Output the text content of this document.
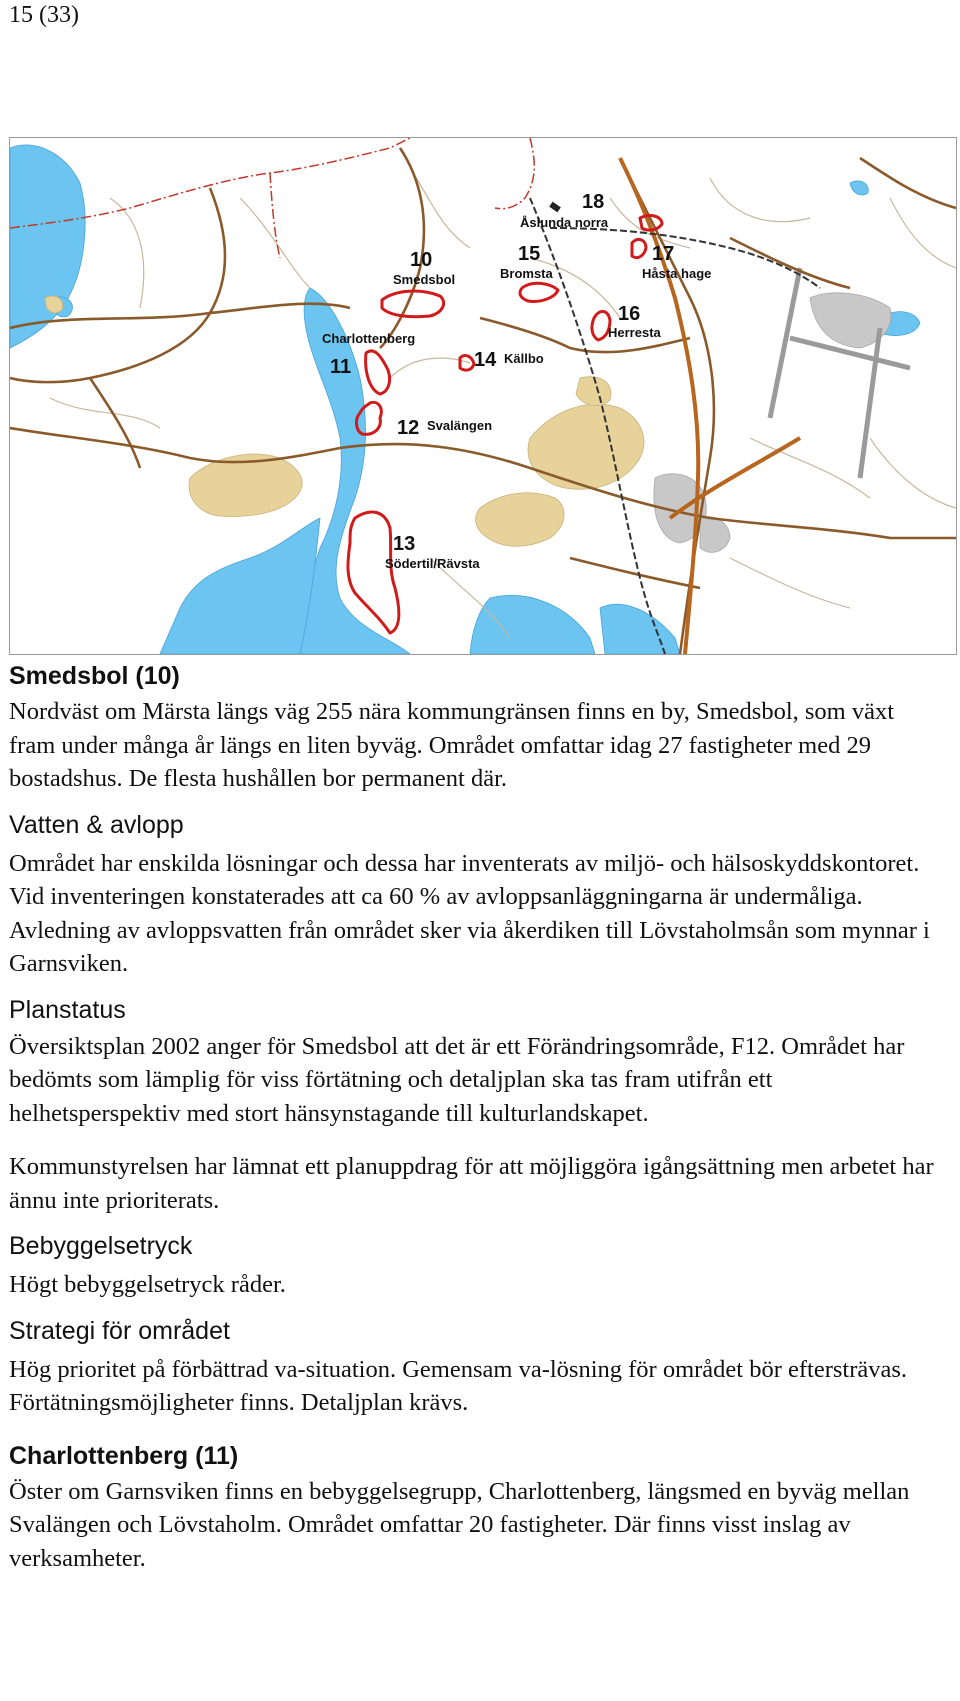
15 (33)
10
Smedsbol
Charlottenberg
11
12 Svalängen
13
Södertil/Rävsta
14 Källbo
15
Bromsta
16
Herresta
17
Håsta hage
18
Åslunda norra
Smedsbol (10)

Nordväst om Märsta längs väg 255 nära kommungränsen finns en by, Smedsbol, som växt fram under många år längs en liten byväg. Området omfattar idag 27 fastigheter med 29 bostadshus. De flesta hushållen bor permanent där.

Vatten & avlopp

Området har enskilda lösningar och dessa har inventerats av miljö- och hälsoskyddskontoret. Vid inventeringen konstaterades att ca 60 % av avloppsanläggningarna är undermåliga. Avledning av avloppsvatten från området sker via åkerdiken till Lövstaholmsån som mynnar i Garnsviken.

Planstatus

Översiktsplan 2002 anger för Smedsbol att det är ett Förändringsområde, F12. Området har bedömts som lämplig för viss förtätning och detaljplan ska tas fram utifrån ett helhetsperspektiv med stort hänsynstagande till kulturlandskapet.

Kommunstyrelsen har lämnat ett planuppdrag för att möjliggöra igångsättning men arbetet har ännu inte prioriterats.

Bebyggelsetryck

Högt bebyggelsetryck råder.

Strategi för området

Hög prioritet på förbättrad va-situation. Gemensam va-lösning för området bör eftersträvas. Förtätningsmöjligheter finns. Detaljplan krävs.

Charlottenberg (11)

Öster om Garnsviken finns en bebyggelsegrupp, Charlottenberg, längsmed en byväg mellan Svalängen och Lövstaholm. Området omfattar 20 fastigheter. Där finns visst inslag av verksamheter.
